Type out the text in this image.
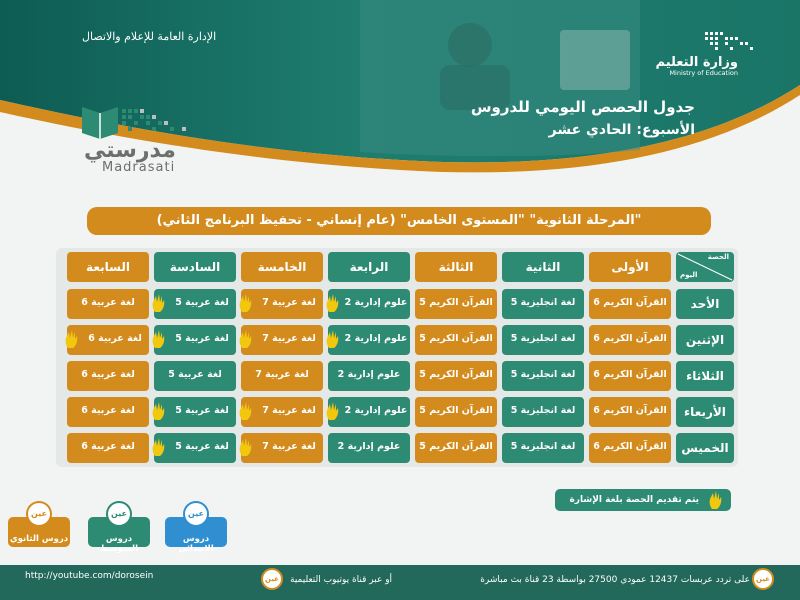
وزارة التعليم
Ministry of Education
الإدارة العامة للإعلام والاتصال
جدول الحصص اليومي للدروس
الأسبوع: الحادي عشر
مدرستي
Madrasati
"المرحلة الثانوية" "المستوى الخامس" (عام إنساني - تحفيظ البرنامج الثاني)
الحصة
اليوم
الأولى
الثانية
الثالثة
الرابعة
الخامسة
السادسة
السابعة
الأحد
القرآن الكريم 6
لغة انجليزية 5
القرآن الكريم 5
علوم إدارية 2
لغة عربية 7
لغة عربية 5
لغة عربية 6
الإثنين
القرآن الكريم 6
لغة انجليزية 5
القرآن الكريم 5
علوم إدارية 2
لغة عربية 7
لغة عربية 5
لغة عربية 6
الثلاثاء
القرآن الكريم 6
لغة انجليزية 5
القرآن الكريم 5
علوم إدارية 2
لغة عربية 7
لغة عربية 5
لغة عربية 6
الأربعاء
القرآن الكريم 6
لغة انجليزية 5
القرآن الكريم 5
علوم إدارية 2
لغة عربية 7
لغة عربية 5
لغة عربية 6
الخميس
القرآن الكريم 6
لغة انجليزية 5
القرآن الكريم 5
علوم إدارية 2
لغة عربية 7
لغة عربية 5
لغة عربية 6
يتم تقديم الحصة بلغة الإشارة
دروس الابتدائي
عين
دروس المتوسط
عين
دروس الثانوي
عين
عين
على تردد عربسات 12437 عمودي 27500 بواسطة 23 قناة بث مباشرة
عين	أو عبر قناة يوتيوب التعليمية
http://youtube.com/dorosein
